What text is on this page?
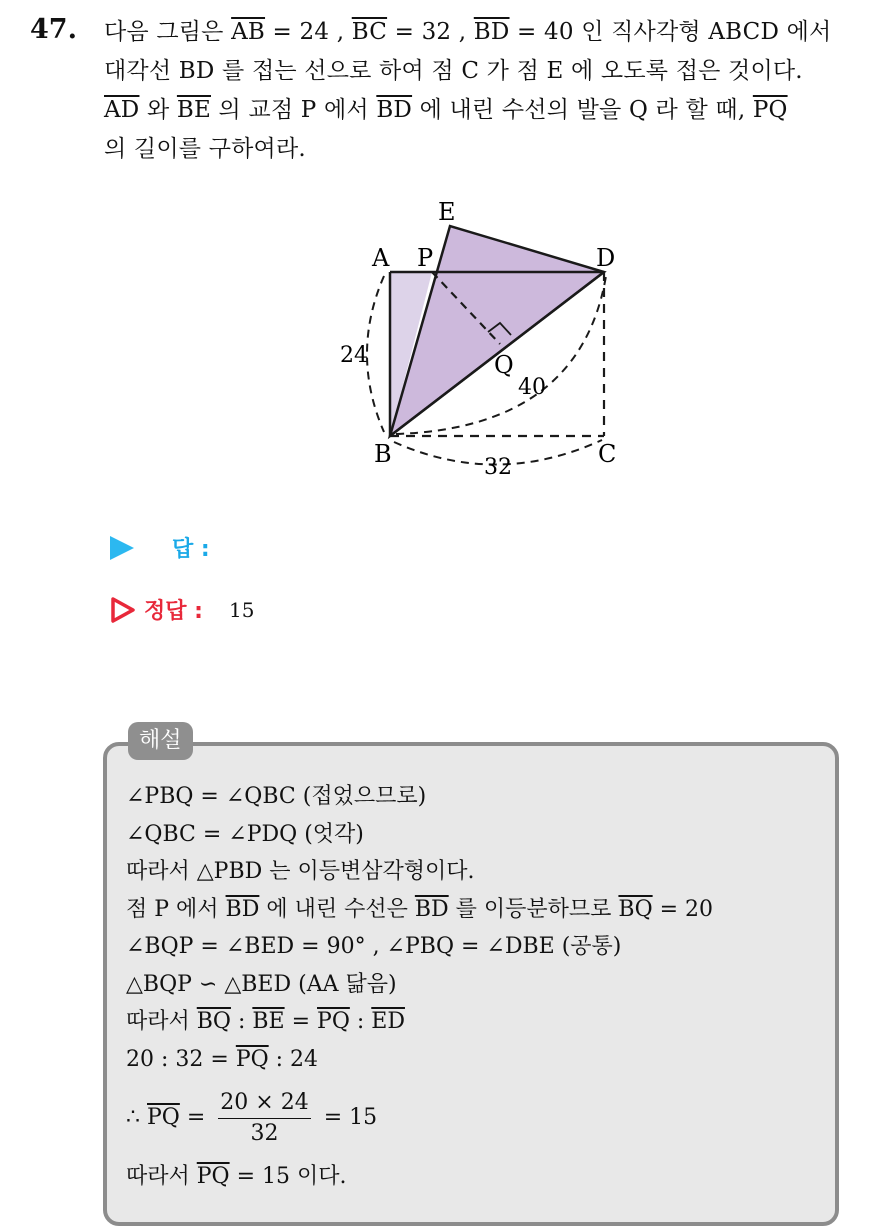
47. 다음 그림은 $\overline{AB} = 24$ , $\overline{BC} = 32$ , $\overline{BD} = 40$ 인 직사각형 ABCD 에서
대각선 BD 를 접는 선으로 하여 점 C 가 점 E 에 오도록 접은 것이다.
$\overline{AD}$ 와 $\overline{BE}$ 의 교점 P 에서 $\overline{BD}$ 에 내린 수선의 발을 Q 라 할 때, $\overline{PQ}$
의 길이를 구하여라.
E
A P	D
Q
B	C
24
32
40
답 :
정답 : 15
해설
∠PBQ = ∠QBC (접었으므로)
∠QBC = ∠PDQ (엇각)
따라서 △PBD 는 이등변삼각형이다.
점 P 에서 $\overline{BD}$ 에 내린 수선은 $\overline{BD}$ 를 이등분하므로 $\overline{BQ} = 20$
∠BQP = ∠BED = 90° , ∠PBQ = ∠DBE (공통)
△BQP ∽ △BED (AA 닮음)
따라서 $\overline{BQ}$ : $\overline{BE} = \overline{PQ}$ : $\overline{ED}$
20 : $32 = \overline{PQ}$ : 24
∴ $\overline{PQ} = \frac{20 \times 24}{32} = 15$
따라서 $\overline{PQ} = 15$ 이다.
